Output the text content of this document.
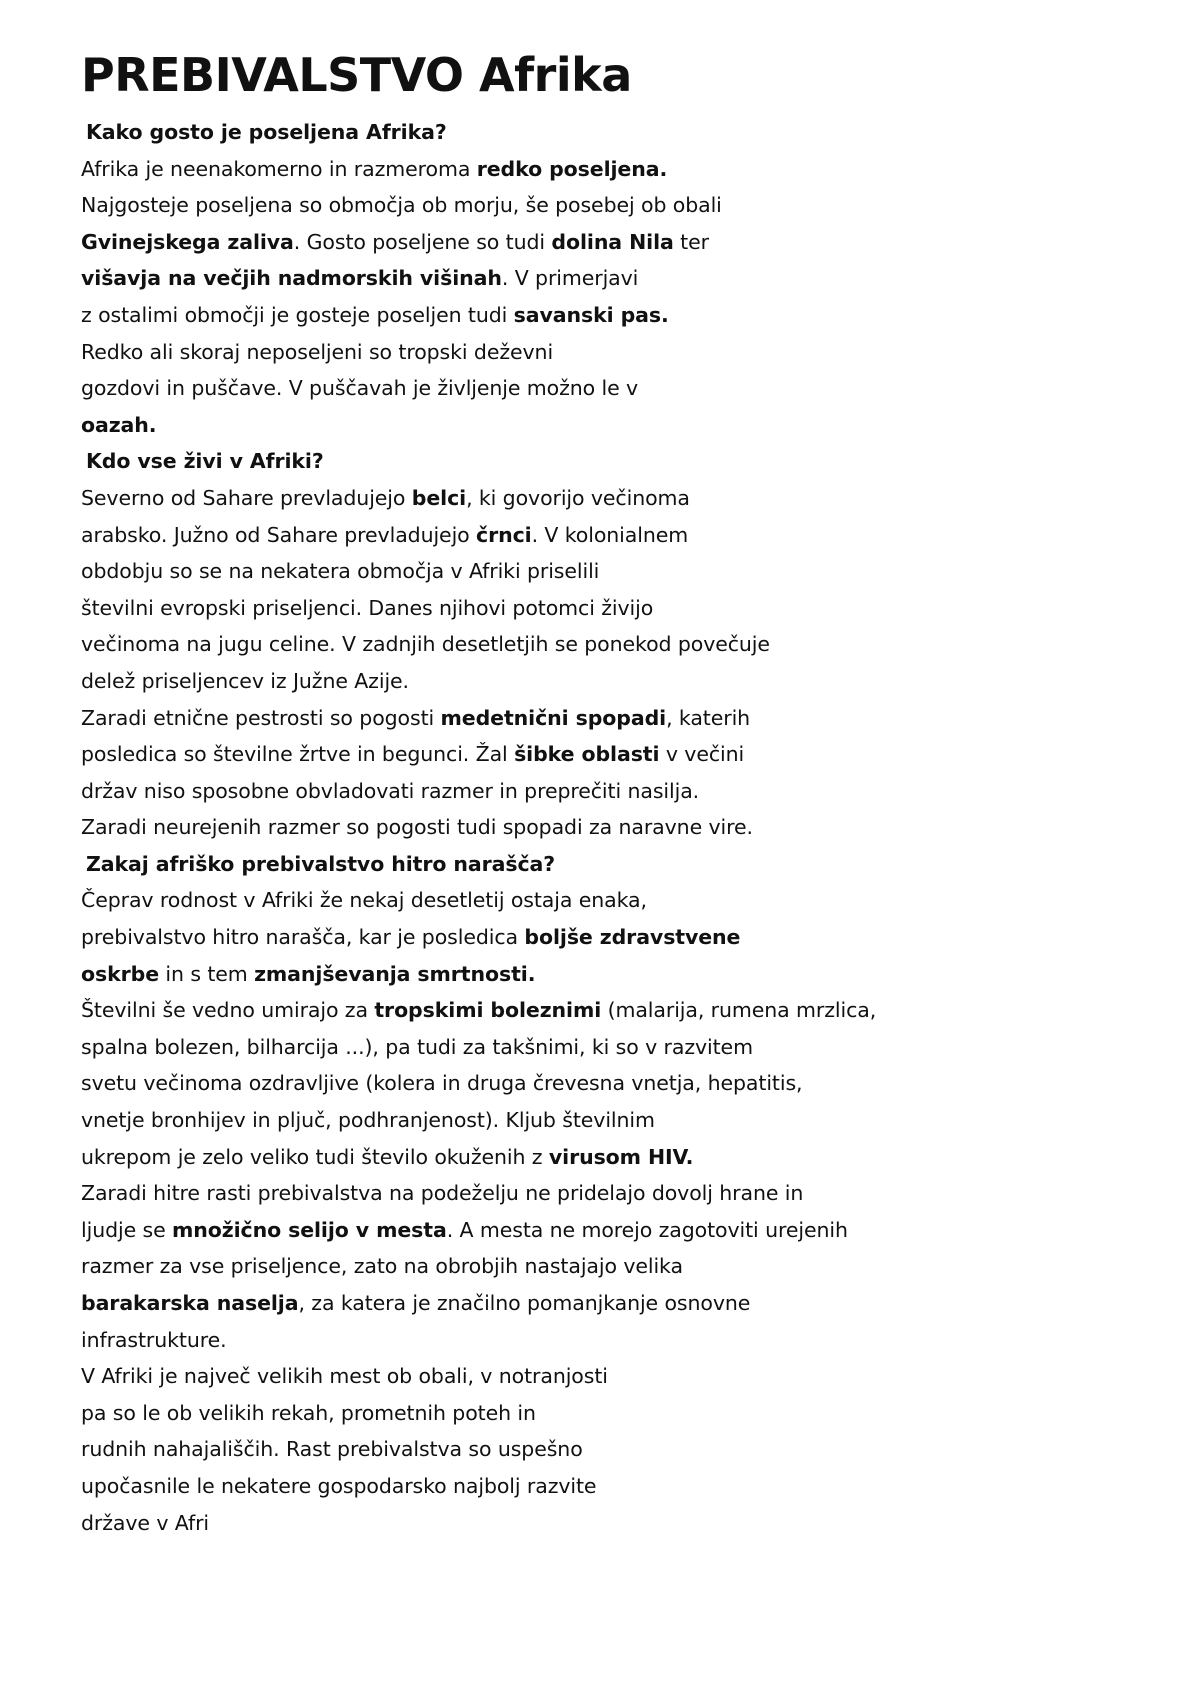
PREBIVALSTVO Afrika
Kako gosto je poseljena Afrika?
Afrika je neenakomerno in razmeroma redko poseljena.
Najgosteje poseljena so območja ob morju, še posebej ob obali
Gvinejskega zaliva. Gosto poseljene so tudi dolina Nila ter
višavja na večjih nadmorskih višinah. V primerjavi
z ostalimi območji je gosteje poseljen tudi savanski pas.
Redko ali skoraj neposeljeni so tropski deževni
gozdovi in puščave. V puščavah je življenje možno le v
oazah.
Kdo vse živi v Afriki?
Severno od Sahare prevladujejo belci, ki govorijo večinoma
arabsko. Južno od Sahare prevladujejo črnci. V kolonialnem
obdobju so se na nekatera območja v Afriki priselili
številni evropski priseljenci. Danes njihovi potomci živijo
večinoma na jugu celine. V zadnjih desetletjih se ponekod povečuje
delež priseljencev iz Južne Azije.
Zaradi etnične pestrosti so pogosti medetnični spopadi, katerih
posledica so številne žrtve in begunci. Žal šibke oblasti v večini
držav niso sposobne obvladovati razmer in preprečiti nasilja.
Zaradi neurejenih razmer so pogosti tudi spopadi za naravne vire.
Zakaj afriško prebivalstvo hitro narašča?
Čeprav rodnost v Afriki že nekaj desetletij ostaja enaka,
prebivalstvo hitro narašča, kar je posledica boljše zdravstvene
oskrbe in s tem zmanjševanja smrtnosti.
Številni še vedno umirajo za tropskimi boleznimi (malarija, rumena mrzlica,
spalna bolezen, bilharcija ...), pa tudi za takšnimi, ki so v razvitem
svetu večinoma ozdravljive (kolera in druga črevesna vnetja, hepatitis,
vnetje bronhijev in pljuč, podhranjenost). Kljub številnim
ukrepom je zelo veliko tudi število okuženih z virusom HIV.
Zaradi hitre rasti prebivalstva na podeželju ne pridelajo dovolj hrane in
ljudje se množično selijo v mesta. A mesta ne morejo zagotoviti urejenih
razmer za vse priseljence, zato na obrobjih nastajajo velika
barakarska naselja, za katera je značilno pomanjkanje osnovne
infrastrukture.
V Afriki je največ velikih mest ob obali, v notranjosti
pa so le ob velikih rekah, prometnih poteh in
rudnih nahajališčih. Rast prebivalstva so uspešno
upočasnile le nekatere gospodarsko najbolj razvite
države v Afri
